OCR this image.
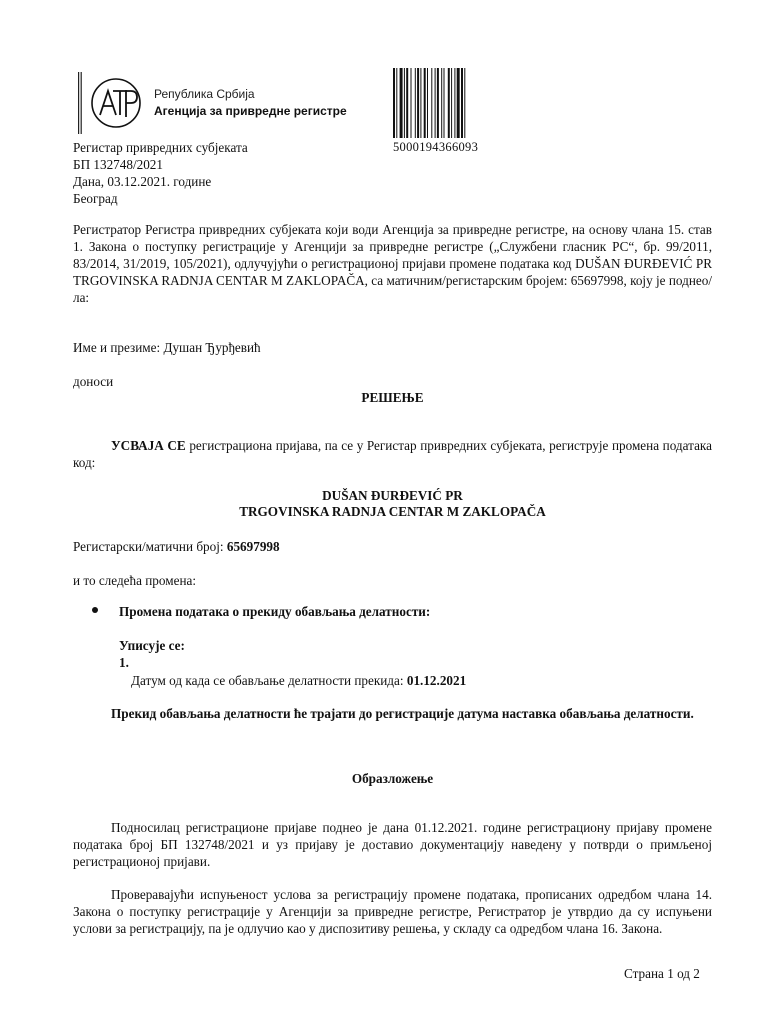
Република Србија
Агенција за привредне регистре
5000194366093
Регистар привредних субјеката
БП 132748/2021
Дана, 03.12.2021. године
Београд
Регистратор Регистра привредних субјеката који води Агенција за привредне регистре, на основу члана 15. став 1. Закона о поступку регистрације у Агенцији за привредне регистре („Службени гласник РС“, бр. 99/2011, 83/2014, 31/2019, 105/2021), одлучујући о регистрационој пријави промене података код DUŠAN ĐURĐEVIĆ PR TRGOVINSKA RADNJA CENTAR M ZAKLOPAČA, са матичним/регистарским бројем: 65697998, коју је поднео/ла:
Име и презиме: Душан Ђурђевић
доноси
РЕШЕЊЕ
УСВАЈА СЕ регистрациона пријава, па се у Регистар привредних субјеката, региструје промена података код:
DUŠAN ĐURĐEVIĆ PR
TRGOVINSKA RADNJA CENTAR M ZAKLOPAČA
Регистарски/матични број: 65697998
и то следећа промена:
Промена података о прекиду обављања делатности:
Уписује се:
1.
Датум од када се обављање делатности прекида: 01.12.2021
Прекид обављања делатности ће трајати до регистрације датума наставка обављања делатности.
Образложење
Подносилац регистрационе пријаве поднео је дана 01.12.2021. године регистрациону пријаву промене података број БП 132748/2021 и уз пријаву је доставио документацију наведену у потврди о примљеној регистрационој пријави.
Проверавајући испуњеност услова за регистрацију промене података, прописаних одредбом члана 14. Закона о поступку регистрације у Агенцији за привредне регистре, Регистратор је утврдио да су испуњени услови за регистрацију, па је одлучио као у диспозитиву решења, у складу са одредбом члана 16. Закона.
Страна 1 од 2
